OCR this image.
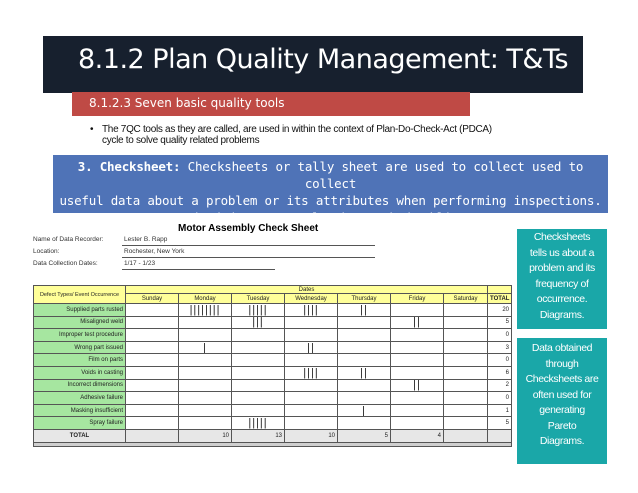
8.1.2 Plan Quality Management: T&Ts
8.1.2.3 Seven basic quality tools
• The 7QC tools as they are called, are used in within the context of Plan-Do-Check-Act (PDCA)
cycle to solve quality related problems
3. Checksheet: Checksheets or tally sheet are used to collect used to collect
useful data about a problem or its attributes when performing inspections.
Cheeksheets can also be used checklist.
Motor Assembly Check Sheet
Name of Data Recorder:	Lester B. Rapp
Location:	Rochester, New York
Data Collection Dates:	1/17 - 1/23
Defect Types/ Event Occurrence	Dates							
	Sunday	Monday	Tuesday	Wednesday	Thursday	Friday	Saturday	TOTAL
Supplied parts rusted		||||||||	|||||	||||	||			20
Misaligned weld			|||			||		5
Improper test procedure								0
Wrong part issued		|		||				3
Film on parts								0
Voids in casting				||||	||			6
Incorrect dimensions						||		2
Adhesive failure								0
Masking insufficient					|			1
Spray failure			|||||					5
TOTAL		10	13	10	5	4		

Checksheets
tells us about a
problem and its
frequency of
occurrence.
Diagrams.
Data obtained
through
Checksheets are
often used for
generating
Pareto
Diagrams.
